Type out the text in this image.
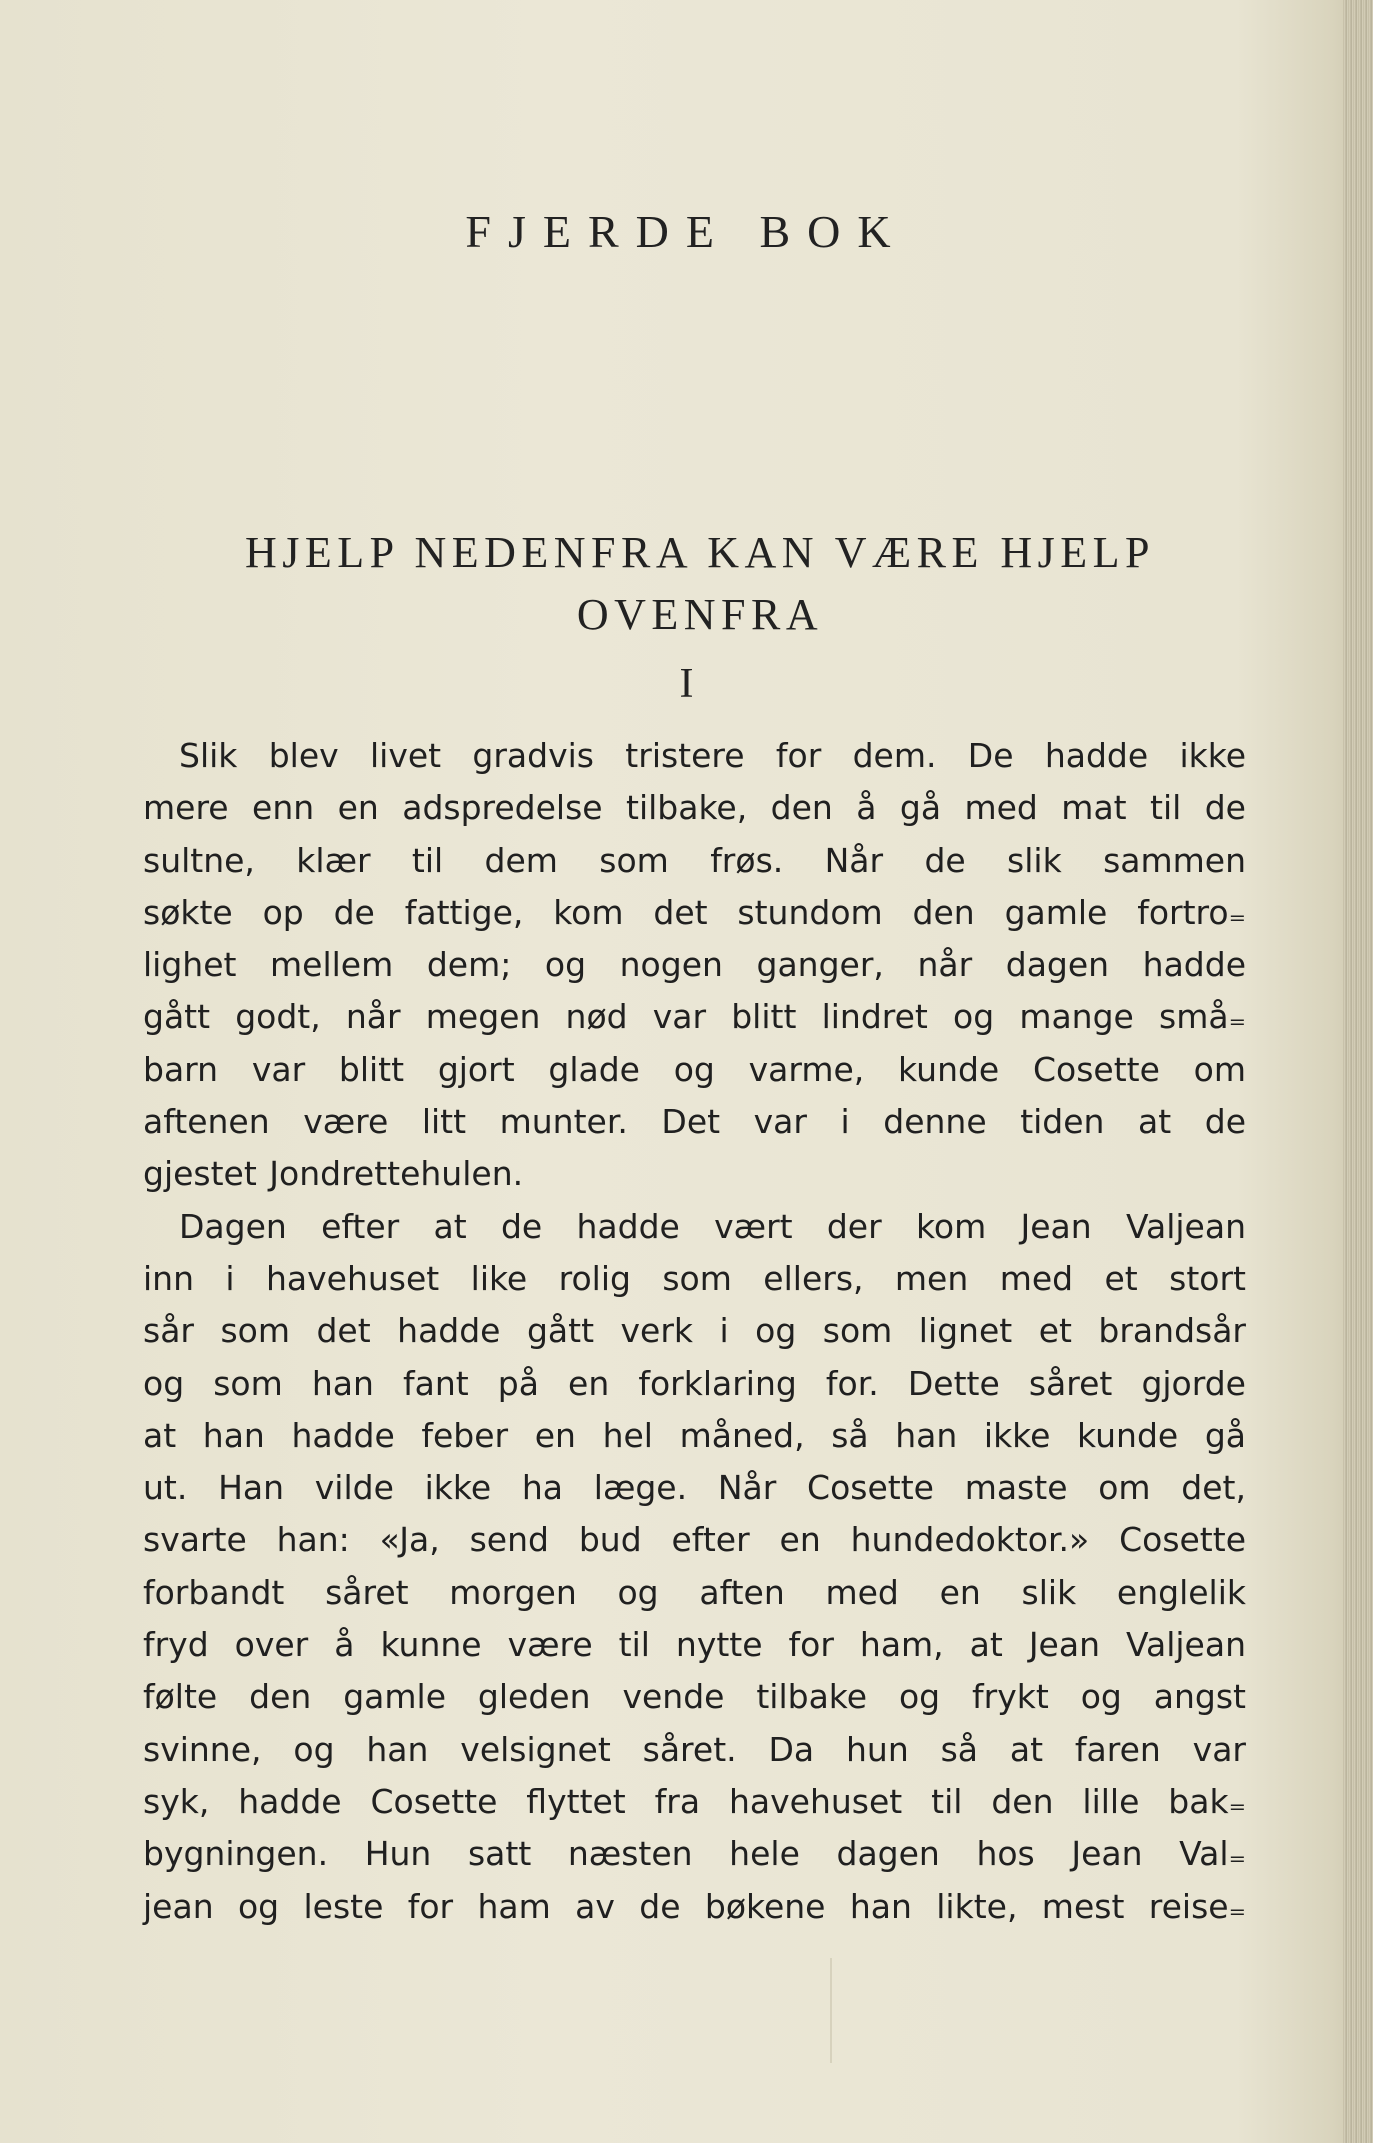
FJERDE BOK
HJELP NEDENFRA KAN VÆRE HJELP
OVENFRA
I
Slik blev livet gradvis tristere for dem. De hadde ikke
mere enn en adspredelse tilbake, den å gå med mat til de
sultne, klær til dem som frøs. Når de slik sammen
søkte op de fattige, kom det stundom den gamle fortro₌
lighet mellem dem; og nogen ganger, når dagen hadde
gått godt, når megen nød var blitt lindret og mange små₌
barn var blitt gjort glade og varme, kunde Cosette om
aftenen være litt munter. Det var i denne tiden at de
gjestet Jondrettehulen.
Dagen efter at de hadde vært der kom Jean Valjean
inn i havehuset like rolig som ellers, men med et stort
sår som det hadde gått verk i og som lignet et brandsår
og som han fant på en forklaring for. Dette såret gjorde
at han hadde feber en hel måned, så han ikke kunde gå
ut. Han vilde ikke ha læge. Når Cosette maste om det,
svarte han: «Ja, send bud efter en hundedoktor.» Cosette
forbandt såret morgen og aften med en slik englelik
fryd over å kunne være til nytte for ham, at Jean Valjean
følte den gamle gleden vende tilbake og frykt og angst
svinne, og han velsignet såret. Da hun så at faren var
syk, hadde Cosette flyttet fra havehuset til den lille bak₌
bygningen. Hun satt næsten hele dagen hos Jean Val₌
jean og leste for ham av de bøkene han likte, mest reise₌
